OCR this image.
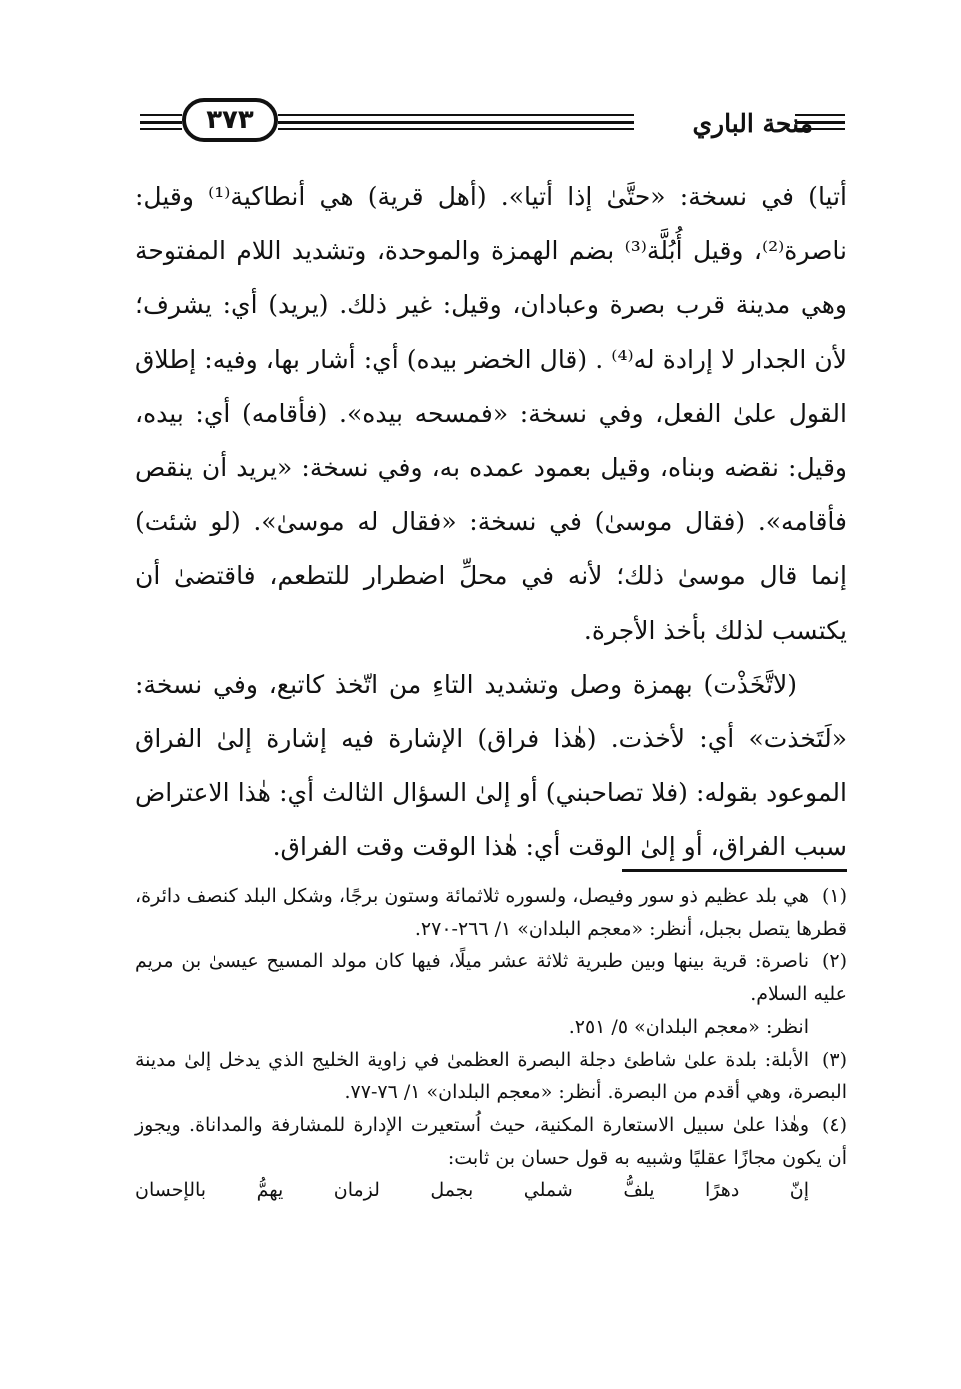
منحة الباري
٣٧٣

أتيا) في نسخة: «حتَّىٰ إذا أتيا». (أهل قرية) هي أنطاكية⁽¹⁾ وقيل: ناصرة⁽²⁾، وقيل أُبُلَّة⁽³⁾ بضم الهمزة والموحدة، وتشديد اللام المفتوحة وهي مدينة قرب بصرة وعبادان، وقيل: غير ذلك. (يريد) أي: يشرف؛ لأن الجدار لا إرادة له⁽⁴⁾ . (قال الخضر بيده) أي: أشار بها، وفيه: إطلاق القول علىٰ الفعل، وفي نسخة: «فمسحه بيده». (فأقامه) أي: بيده، وقيل: نقضه وبناه، وقيل بعمود عمده به، وفي نسخة: «يريد أن ينقص فأقامه». (فقال موسىٰ) في نسخة: «فقال له موسىٰ». (لو شئت) إنما قال موسىٰ ذلك؛ لأنه في محلِّ اضطرار للتطعم، فاقتضىٰ أن يكتسب لذلك بأخذ الأجرة.

(لاتَّخَذْت) بهمزة وصل وتشديد التاءِ من اتّخذ كاتبع، وفي نسخة: «لَتَخذت» أي: لأخذت. (هٰذا فراق) الإشارة فيه إشارة إلىٰ الفراق الموعود بقوله: (فلا تصاحبني) أو إلىٰ السؤال الثالث أي: هٰذا الاعتراض سبب الفراق، أو إلىٰ الوقت أي: هٰذا الوقت وقت الفراق.

(١)هي بلد عظيم ذو سور وفيصل، ولسوره ثلاثمائة وستون برجًا، وشكل البلد كنصف دائرة، قطرها يتصل بجبل، أنظر: «معجم البلدان» ١/ ٢٦٦-٢٧٠.

(٢)ناصرة: قرية بينها وبين طبرية ثلاثة عشر ميلًا، فيها كان مولد المسيح عيسىٰ بن مريم عليه السلام.

انظر: «معجم البلدان» ٥/ ٢٥١.

(٣)الأبلة: بلدة علىٰ شاطئ دجلة البصرة العظمىٰ في زاوية الخليج الذي يدخل إلىٰ مدينة البصرة، وهي أقدم من البصرة. أنظر: «معجم البلدان» ١/ ٧٦-٧٧.

(٤)وهٰذا علىٰ سبيل الاستعارة المكنية، حيث اُستعيرت الإدارة للمشارفة والمداناة. ويجوز أن يكون مجازًا عقليًا وشبيه به قول حسان بن ثابت:

إنّ دهرًا يلفُّ شملي بجمل لزمان يهمُّ بالإحسان
